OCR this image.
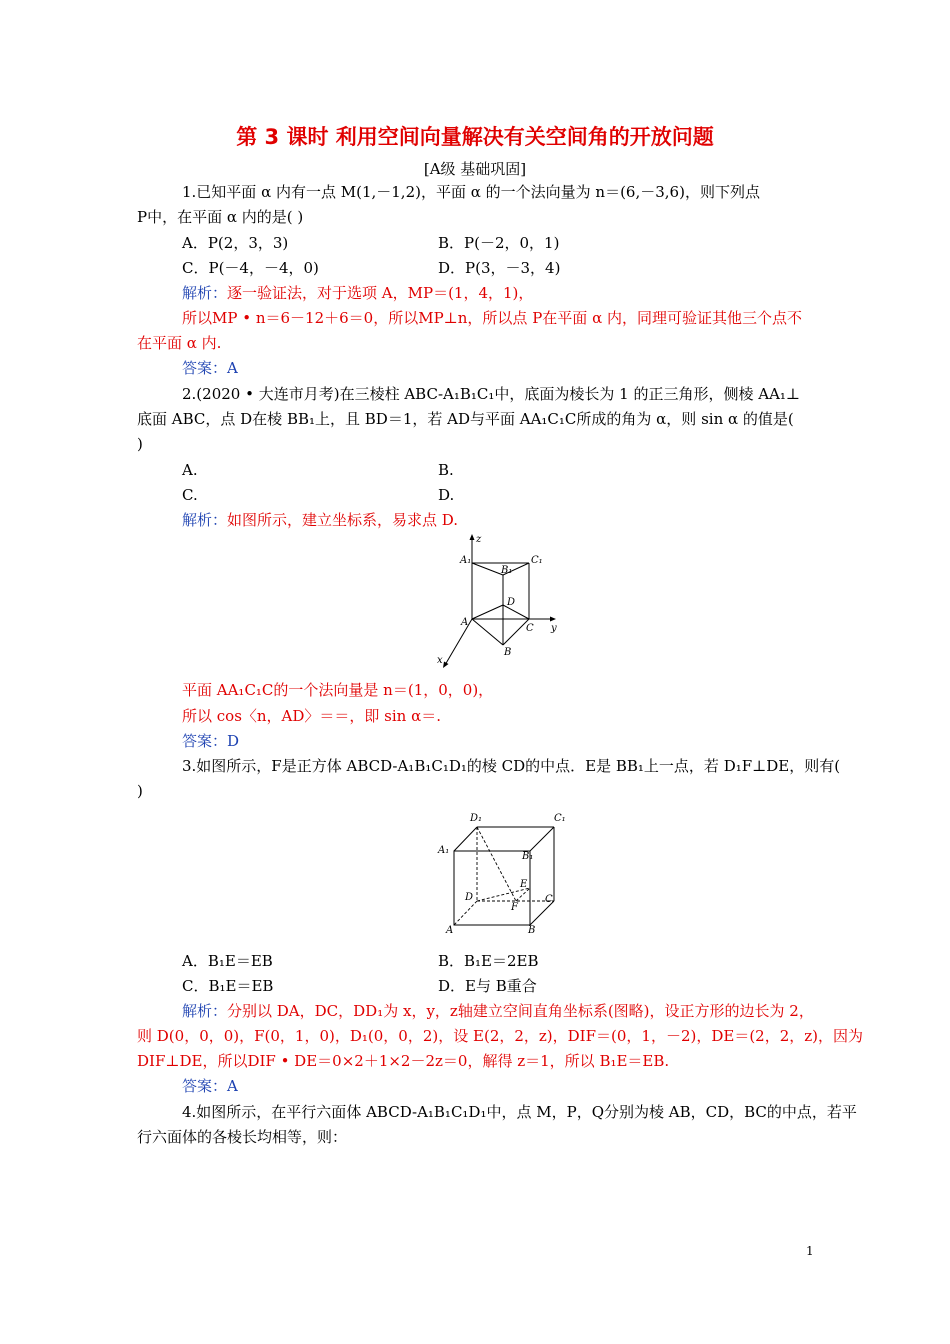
第 3 课时 利用空间向量解决有关空间角的开放问题
[A级 基础巩固]
1.已知平面 α 内有一点 M(1,－1,2)，平面 α 的一个法向量为 n＝(6,－3,6)，则下列点
P中，在平面 α 内的是( )
A．P(2，3，3)	B．P(－2，0，1)
C．P(－4，－4，0)	D．P(3，－3，4)
解析：逐一验证法，对于选项 A，MP＝(1，4，1)，
所以MP • n＝6－12＋6＝0，所以MP⊥n，所以点 P在平面 α 内，同理可验证其他三个点不
在平面 α 内.
答案：A
2.(2020 • 大连市月考)在三棱柱 ABC-A₁B₁C₁中，底面为棱长为 1 的正三角形，侧棱 AA₁⊥
底面 ABC，点 D在棱 BB₁上，且 BD＝1，若 AD与平面 AA₁C₁C所成的角为 α，则 sin α 的值是(
)
A.	B.
C.	D.
解析：如图所示，建立坐标系，易求点 D.
z
A₁
B₁
C₁
D
A
C y
B
x
平面 AA₁C₁C的一个法向量是 n＝(1，0，0)，
所以 cos〈n，AD〉＝＝，即 sin α＝.
答案：D
3.如图所示，F是正方体 ABCD-A₁B₁C₁D₁的棱 CD的中点．E是 BB₁上一点，若 D₁F⊥DE，则有(
)
D₁	C₁
A₁
B₁
E
D
F
C
A	B
A．B₁E＝EB	B．B₁E＝2EB
C．B₁E＝EB	D．E与 B重合
解析：分别以 DA，DC，DD₁为 x，y，z轴建立空间直角坐标系(图略)，设正方形的边长为 2，
则 D(0，0，0)，F(0，1，0)，D₁(0，0，2)，设 E(2，2，z)，DIF＝(0，1，－2)，DE＝(2，2，z)，因为
DIF⊥DE，所以DIF • DE＝0×2＋1×2－2z＝0，解得 z＝1，所以 B₁E＝EB.
答案：A
4.如图所示，在平行六面体 ABCD-A₁B₁C₁D₁中，点 M，P，Q分别为棱 AB，CD，BC的中点，若平
行六面体的各棱长均相等，则：
1
